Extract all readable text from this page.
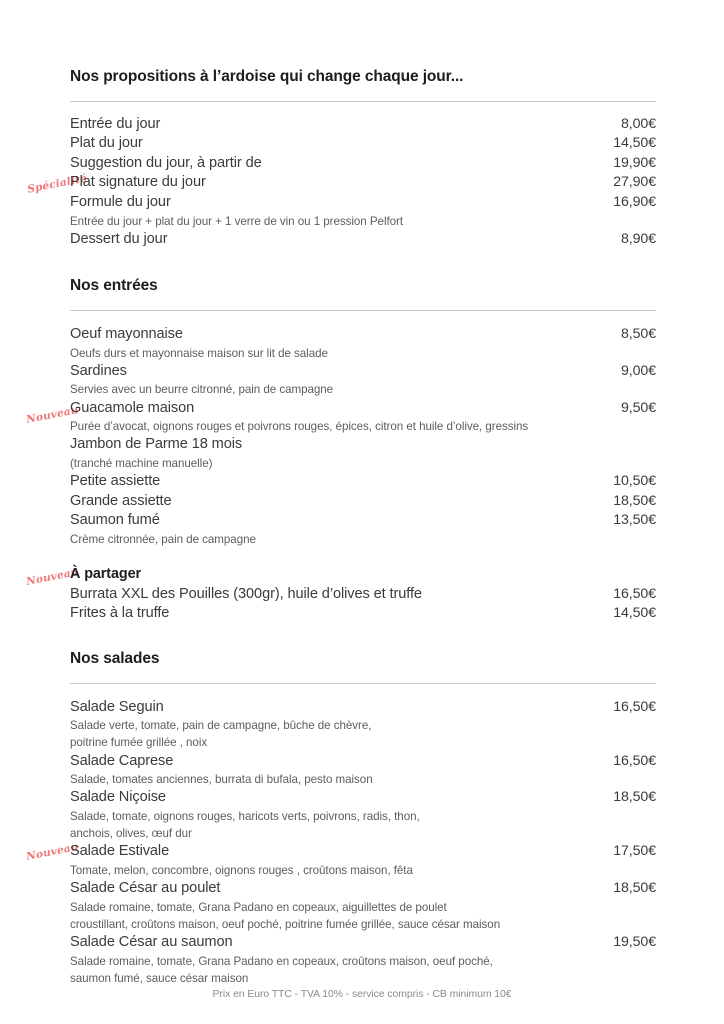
Spécialité
Nouveau
Nouveau
Nouveau
Nos propositions à l’ardoise qui change chaque jour...
Entrée du jour	8,00€
Plat du jour	14,50€
Suggestion du jour, à partir de	19,90€
Plat signature du jour	27,90€
Formule du jour	16,90€
Entrée du jour + plat du jour + 1 verre de vin ou 1 pression Pelfort
Dessert du jour	8,90€
Nos entrées
Oeuf mayonnaise	8,50€
Oeufs durs et mayonnaise maison sur lit de salade
Sardines	9,00€
Servies avec un beurre citronné, pain de campagne
Guacamole maison	9,50€
Purée d’avocat, oignons rouges et poivrons rouges, épices, citron et huile d’olive, gressins
Jambon de Parme 18 mois
(tranché machine manuelle)
Petite assiette	10,50€
Grande assiette	18,50€
Saumon fumé	13,50€
Crème citronnée, pain de campagne
À partager
Burrata XXL des Pouilles (300gr), huile d’olives et truffe	16,50€
Frites à la truffe	14,50€
Nos salades
Salade Seguin	16,50€
Salade verte, tomate, pain de campagne, bûche de chèvre,
poitrine fumée grillée , noix
Salade Caprese	16,50€
Salade, tomates anciennes, burrata di bufala, pesto maison
Salade Niçoise	18,50€
Salade, tomate, oignons rouges, haricots verts, poivrons, radis, thon,
anchois, olives, œuf dur
Salade Estivale	17,50€
Tomate, melon, concombre, oignons rouges , croûtons maison, fêta
Salade César au poulet	18,50€
Salade romaine, tomate, Grana Padano en copeaux, aiguillettes de poulet
croustillant, croûtons maison, oeuf poché, poitrine fumée grillée, sauce césar maison
Salade César au saumon	19,50€
Salade romaine, tomate, Grana Padano en copeaux, croûtons maison, oeuf poché,
saumon fumé, sauce césar maison
Prix en Euro TTC - TVA 10% - service compris - CB minimum 10€
